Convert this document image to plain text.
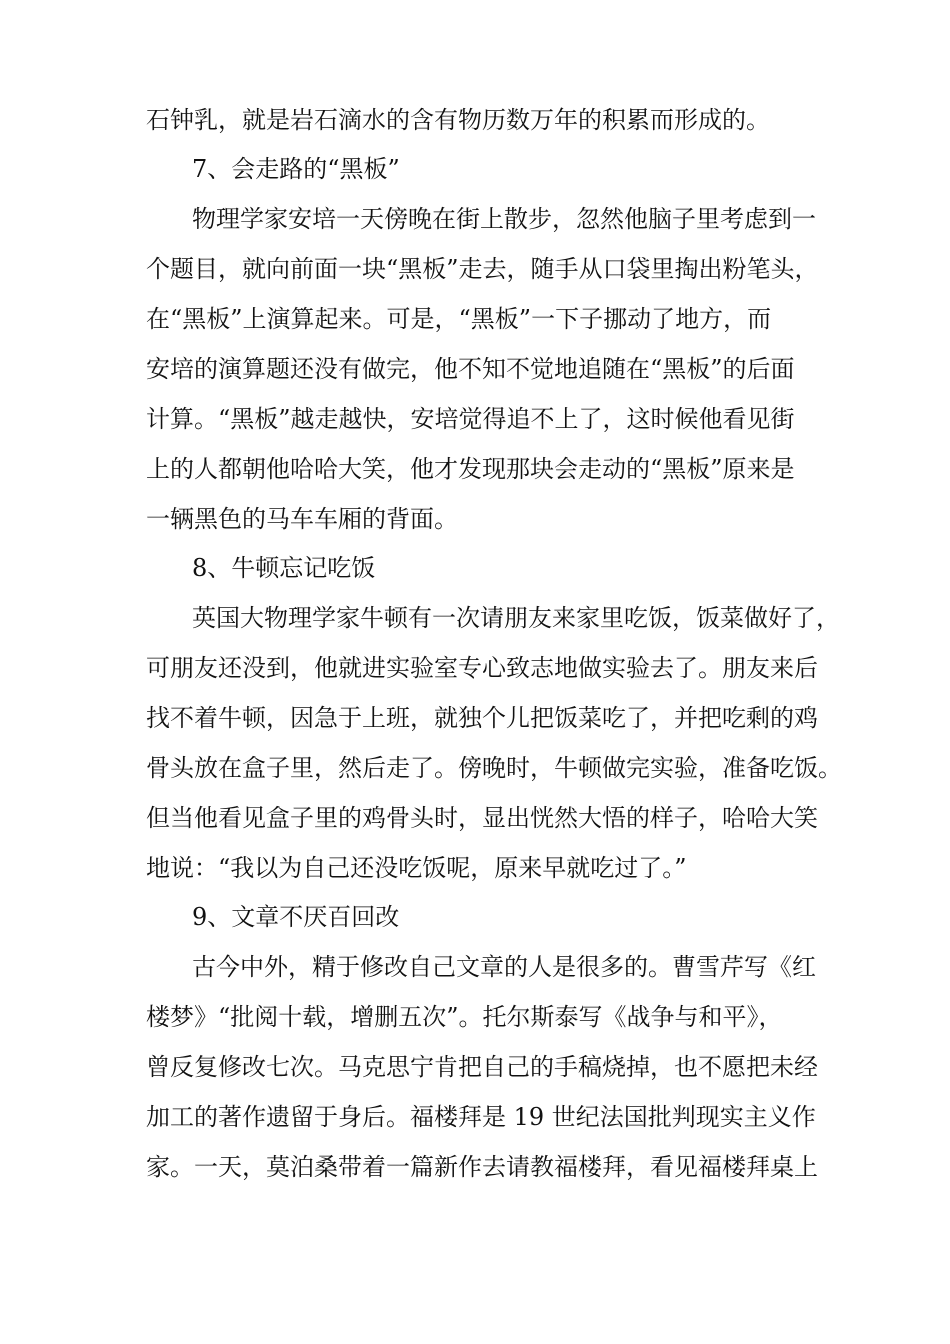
石钟乳，就是岩石滴水的含有物历数万年的积累而形成的。
7、会走路的“黑板”
物理学家安培一天傍晚在街上散步，忽然他脑子里考虑到一
个题目，就向前面一块“黑板”走去，随手从口袋里掏出粉笔头，
在“黑板”上演算起来。可是，“黑板”一下子挪动了地方，而
安培的演算题还没有做完，他不知不觉地追随在“黑板”的后面
计算。“黑板”越走越快，安培觉得追不上了，这时候他看见街
上的人都朝他哈哈大笑，他才发现那块会走动的“黑板”原来是
一辆黑色的马车车厢的背面。
8、牛顿忘记吃饭
英国大物理学家牛顿有一次请朋友来家里吃饭，饭菜做好了，
可朋友还没到，他就进实验室专心致志地做实验去了。朋友来后
找不着牛顿，因急于上班，就独个儿把饭菜吃了，并把吃剩的鸡
骨头放在盒子里，然后走了。傍晚时，牛顿做完实验，准备吃饭。
但当他看见盒子里的鸡骨头时，显出恍然大悟的样子，哈哈大笑
地说：“我以为自己还没吃饭呢，原来早就吃过了。”
9、文章不厌百回改
古今中外，精于修改自己文章的人是很多的。曹雪芹写《红
楼梦》“批阅十载，增删五次”。托尔斯泰写《战争与和平》，
曾反复修改七次。马克思宁肯把自己的手稿烧掉，也不愿把未经
加工的著作遗留于身后。福楼拜是 19 世纪法国批判现实主义作
家。一天，莫泊桑带着一篇新作去请教福楼拜，看见福楼拜桌上
